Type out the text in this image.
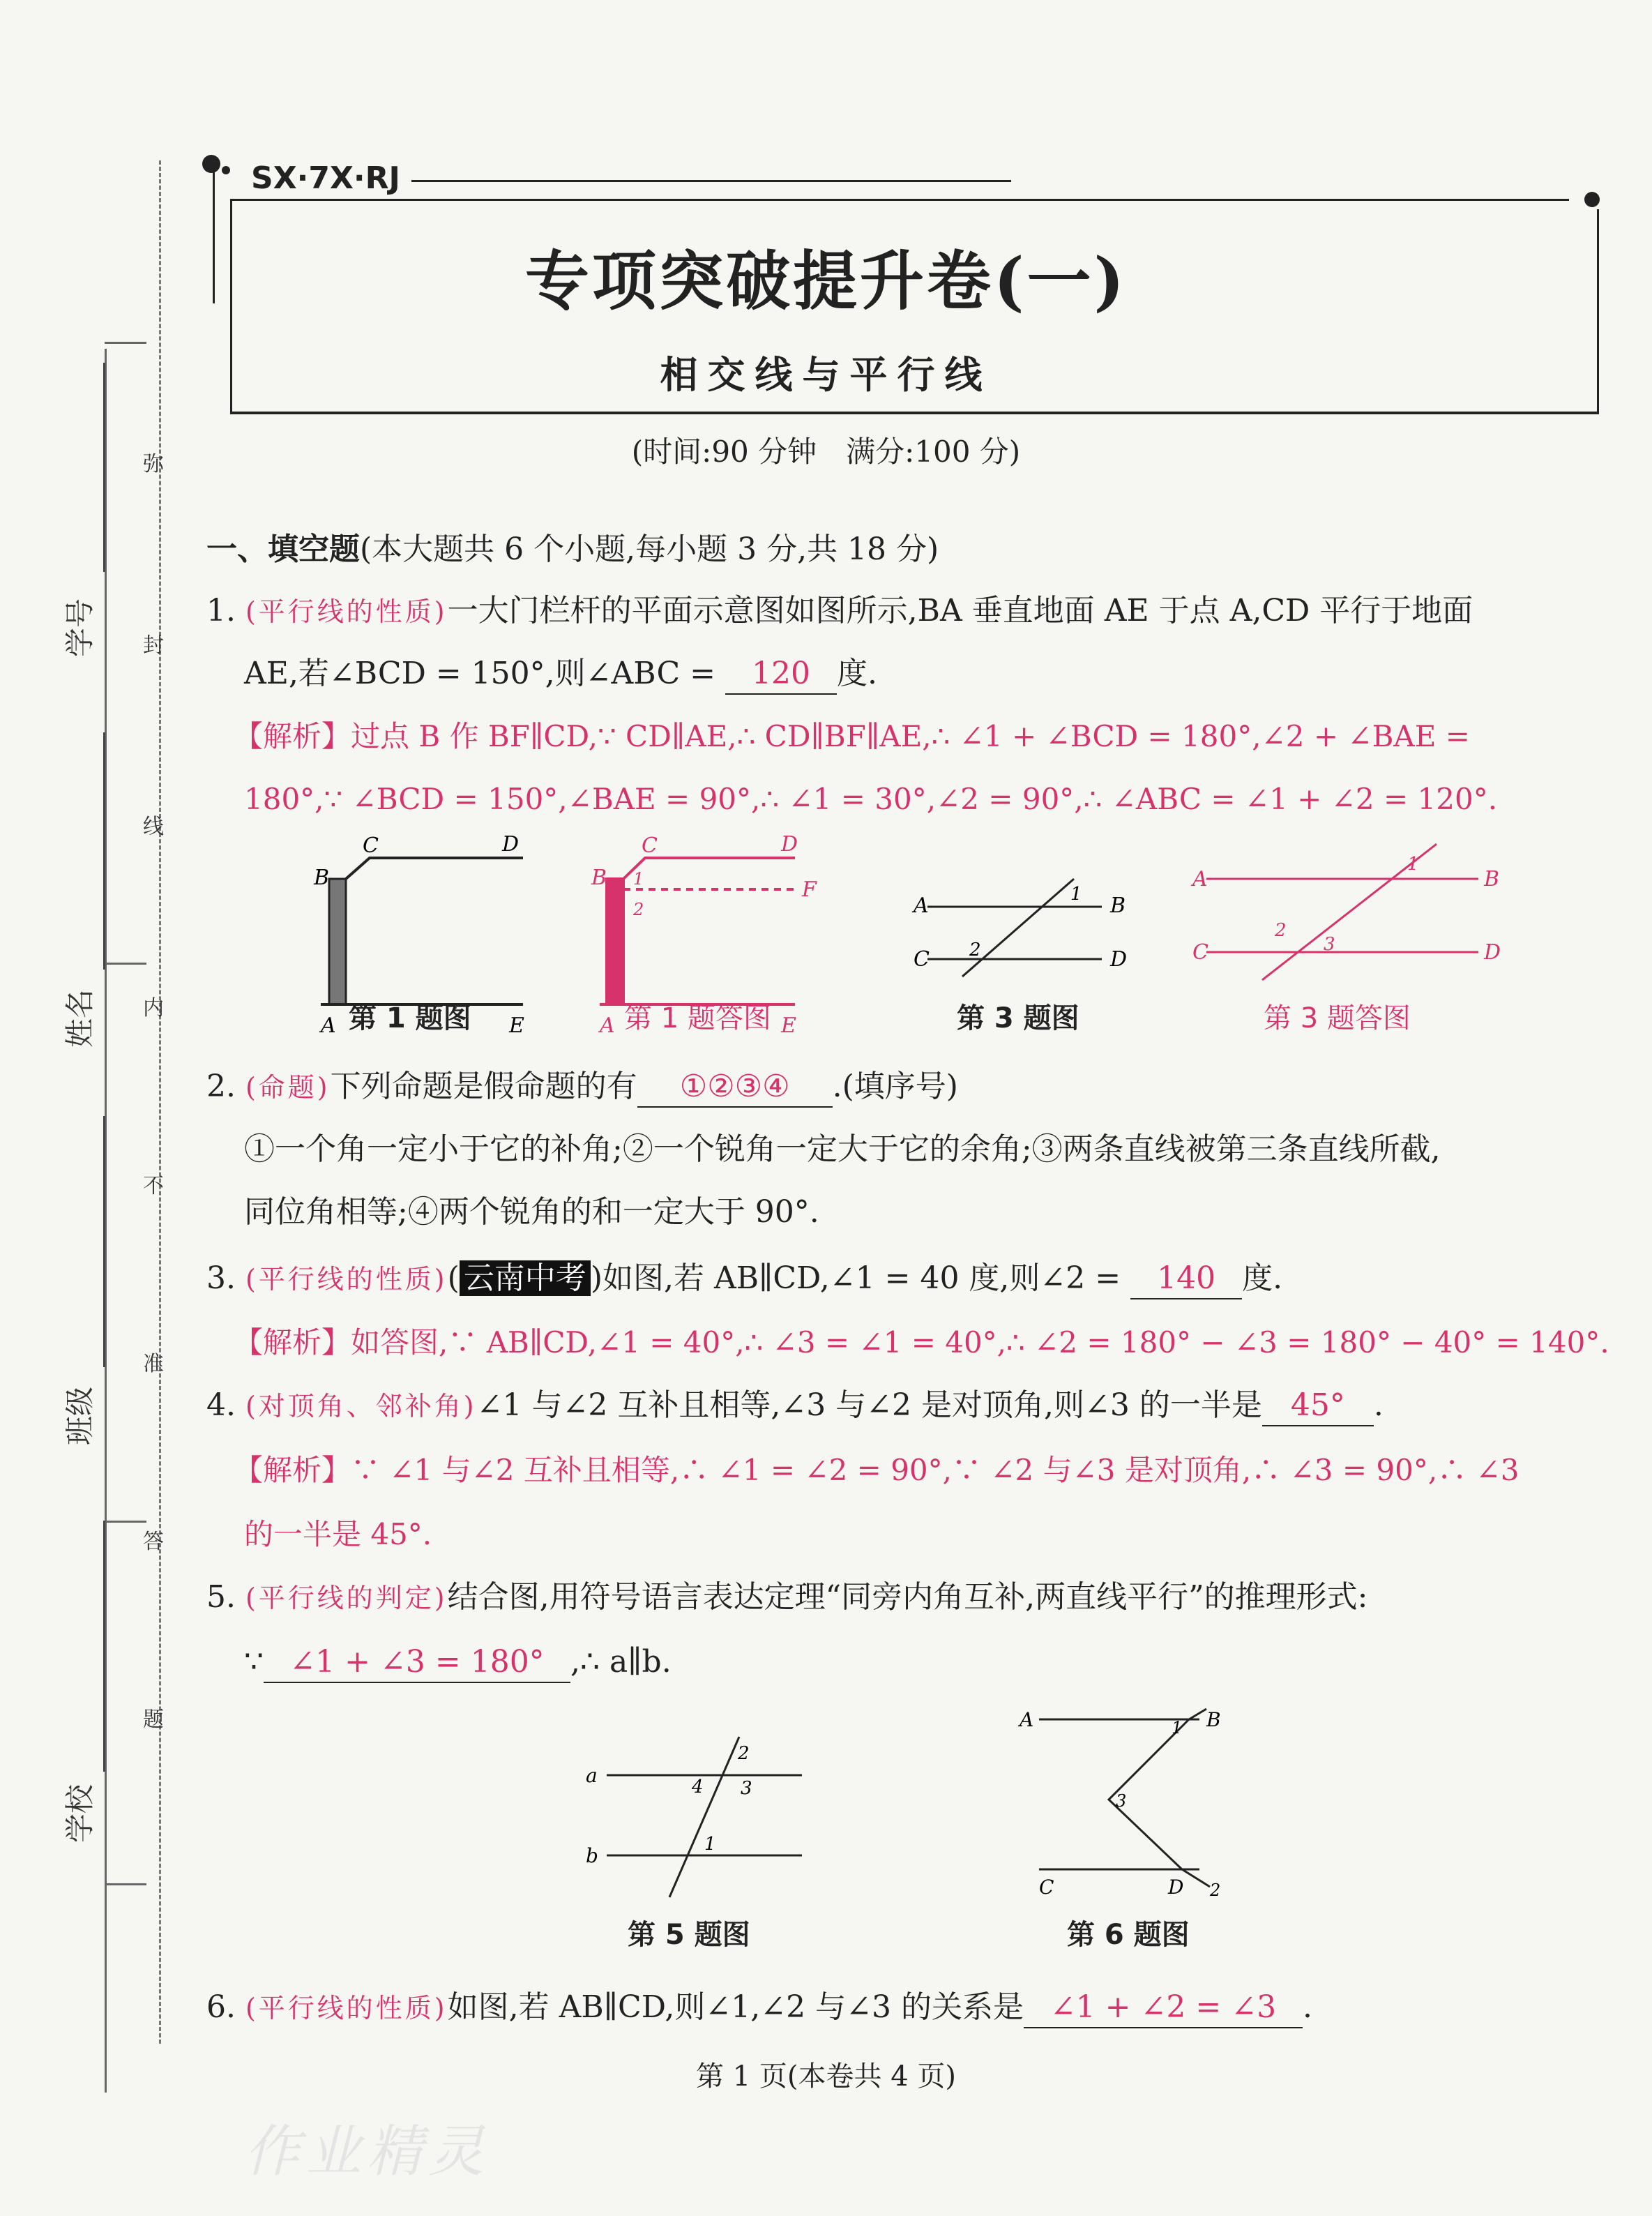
弥
封
线
内
不
准
答
题
学号
姓名
班级
学校
SX·7X·RJ
专项突破提升卷(一)
相交线与平行线
(时间:90 分钟　满分:100 分)
一、填空题(本大题共 6 个小题,每小题 3 分,共 18 分)
1. (平行线的性质)一大门栏杆的平面示意图如图所示,BA 垂直地面 AE 于点 A,CD 平行于地面
AE,若∠BCD = 150°,则∠ABC = 120 度.
【解析】过点 B 作 BF∥CD,∵ CD∥AE,∴ CD∥BF∥AE,∴ ∠1 + ∠BCD = 180°,∠2 + ∠BAE =
180°,∵ ∠BCD = 150°,∠BAE = 90°,∴ ∠1 = 30°,∠2 = 90°,∴ ∠ABC = ∠1 + ∠2 = 120°.
B
C	D
A	E
B
C	D
F
A	E
1
2	A	B
C	D
1
2
A	B
C	D
1
2
3
第 1 题图	第 1 题答图	第 3 题图	第 3 题答图
2. (命题)下列命题是假命题的有 ①②③④ .(填序号)
①一个角一定小于它的补角;②一个锐角一定大于它的余角;③两条直线被第三条直线所截,
同位角相等;④两个锐角的和一定大于 90°.
3. (平行线的性质)( 云南中考 )如图,若 AB∥CD,∠1 = 40 度,则∠2 = 140 度.
【解析】如答图,∵ AB∥CD,∠1 = 40°,∴ ∠3 = ∠1 = 40°,∴ ∠2 = 180° − ∠3 = 180° − 40° = 140°.
4. (对顶角、邻补角)∠1 与∠2 互补且相等,∠3 与∠2 是对顶角,则∠3 的一半是 45° .
【解析】∵ ∠1 与∠2 互补且相等,∴ ∠1 = ∠2 = 90°,∵ ∠2 与∠3 是对顶角,∴ ∠3 = 90°,∴ ∠3
的一半是 45°.
5. (平行线的判定)结合图,用符号语言表达定理“同旁内角互补,两直线平行”的推理形式:
∵ ∠1 + ∠3 = 180° ,∴ a∥b.
a
b
2
3
4
1
A	B
1
3
C	D 2
第 5 题图	第 6 题图
6. (平行线的性质)如图,若 AB∥CD,则∠1,∠2 与∠3 的关系是 ∠1 + ∠2 = ∠3 .
第 1 页(本卷共 4 页)
作业精灵
